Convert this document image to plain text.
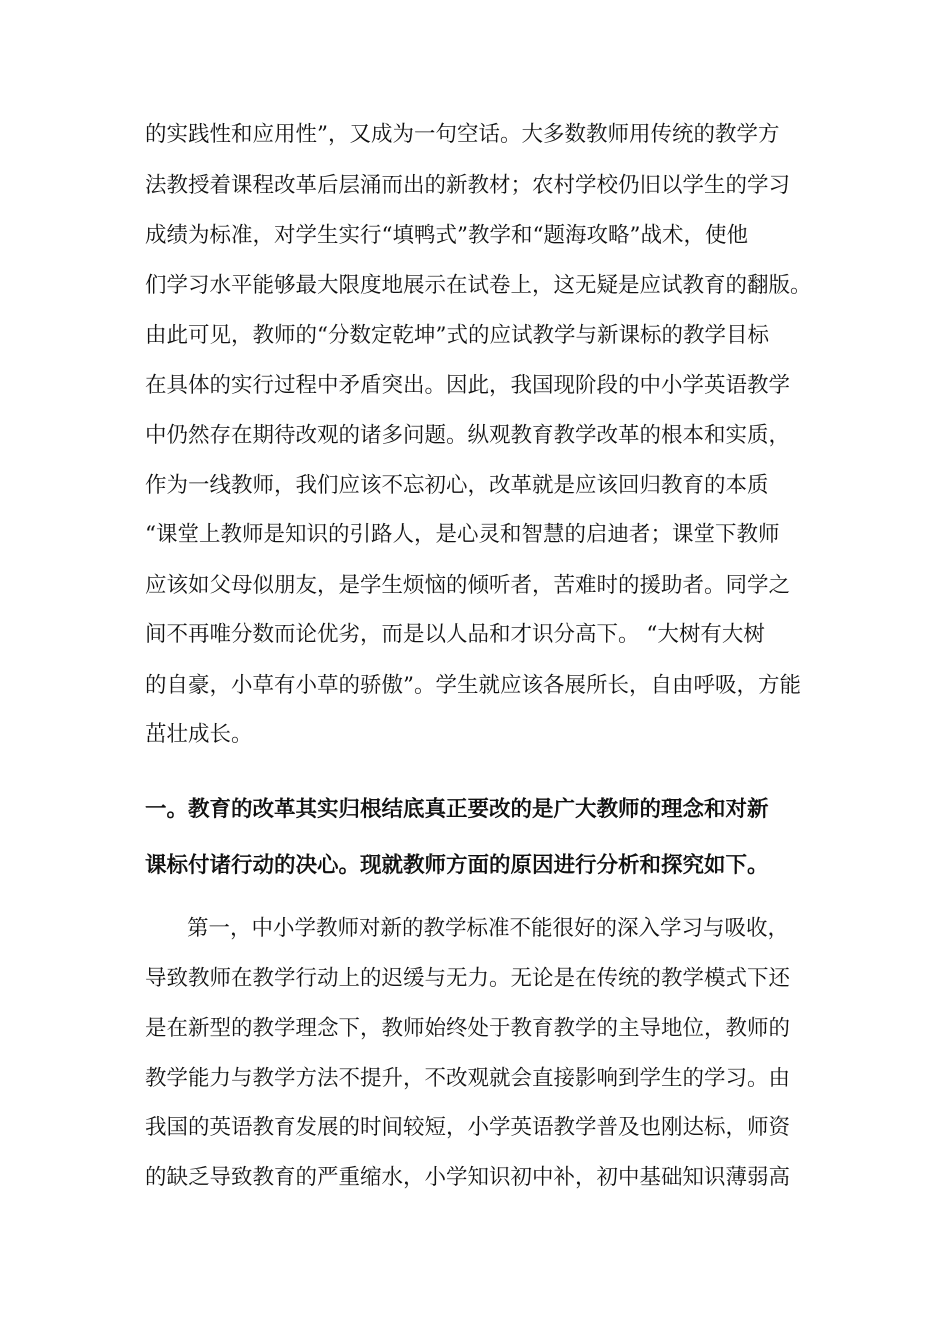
的实践性和应用性”，又成为一句空话。大多数教师用传统的教学方
法教授着课程改革后层涌而出的新教材；农村学校仍旧以学生的学习
成绩为标准，对学生实行“填鸭式”教学和“题海攻略”战术，使他
们学习水平能够最大限度地展示在试卷上，这无疑是应试教育的翻版。
由此可见，教师的“分数定乾坤”式的应试教学与新课标的教学目标
在具体的实行过程中矛盾突出。因此，我国现阶段的中小学英语教学
中仍然存在期待改观的诸多问题。纵观教育教学改革的根本和实质，
作为一线教师，我们应该不忘初心，改革就是应该回归教育的本质
“课堂上教师是知识的引路人，是心灵和智慧的启迪者；课堂下教师
应该如父母似朋友，是学生烦恼的倾听者，苦难时的援助者。同学之
间不再唯分数而论优劣，而是以人品和才识分高下。 “大树有大树
的自豪，小草有小草的骄傲”。学生就应该各展所长，自由呼吸，方能
茁壮成长。
一。教育的改革其实归根结底真正要改的是广大教师的理念和对新
课标付诸行动的决心。现就教师方面的原因进行分析和探究如下。
第一，中小学教师对新的教学标准不能很好的深入学习与吸收，
导致教师在教学行动上的迟缓与无力。无论是在传统的教学模式下还
是在新型的教学理念下，教师始终处于教育教学的主导地位，教师的
教学能力与教学方法不提升，不改观就会直接影响到学生的学习。由
我国的英语教育发展的时间较短，小学英语教学普及也刚达标，师资
的缺乏导致教育的严重缩水，小学知识初中补，初中基础知识薄弱高
